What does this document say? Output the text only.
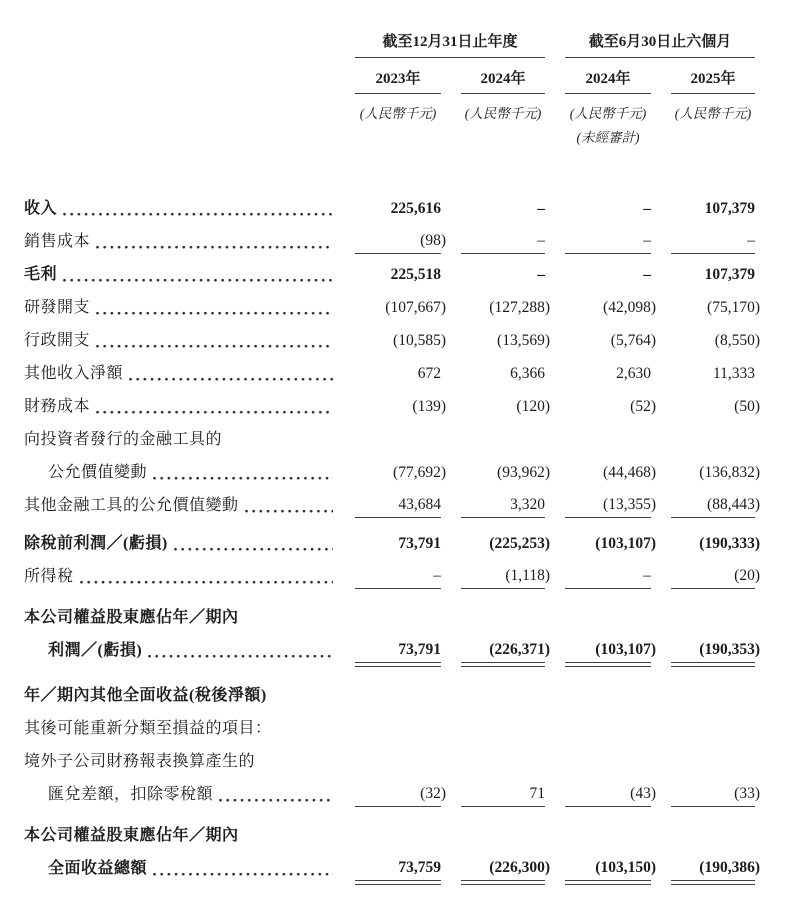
截至12月31日止年度	截至6月30日止六個月
2023年	2024年	2024年	2025年
(人民幣千元)	(人民幣千元)	(人民幣千元)	(人民幣千元)
(未經審計)
收入	225,616	–	–	107,379
銷售成本	(98)	–	–	–
毛利	225,518	–	–	107,379
研發開支	(107,667)	(127,288)	(42,098)	(75,170)
行政開支	(10,585)	(13,569)	(5,764)	(8,550)
其他收入淨額	672	6,366	2,630	11,333
財務成本	(139)	(120)	(52)	(50)
向投資者發行的金融工具的
公允價值變動	(77,692)	(93,962)	(44,468)	(136,832)
其他金融工具的公允價值變動	43,684	3,320	(13,355)	(88,443)
除稅前利潤／(虧損)	73,791	(225,253)	(103,107)	(190,333)
所得稅	–	(1,118)	–	(20)
本公司權益股東應佔年／期內
利潤／(虧損)	73,791	(226,371)	(103,107)	(190,353)
年／期內其他全面收益(稅後淨額)
其後可能重新分類至損益的項目：
境外子公司財務報表換算產生的
匯兌差額，扣除零稅額	(32)	71	(43)	(33)
本公司權益股東應佔年／期內
全面收益總額	73,759	(226,300)	(103,150)	(190,386)
